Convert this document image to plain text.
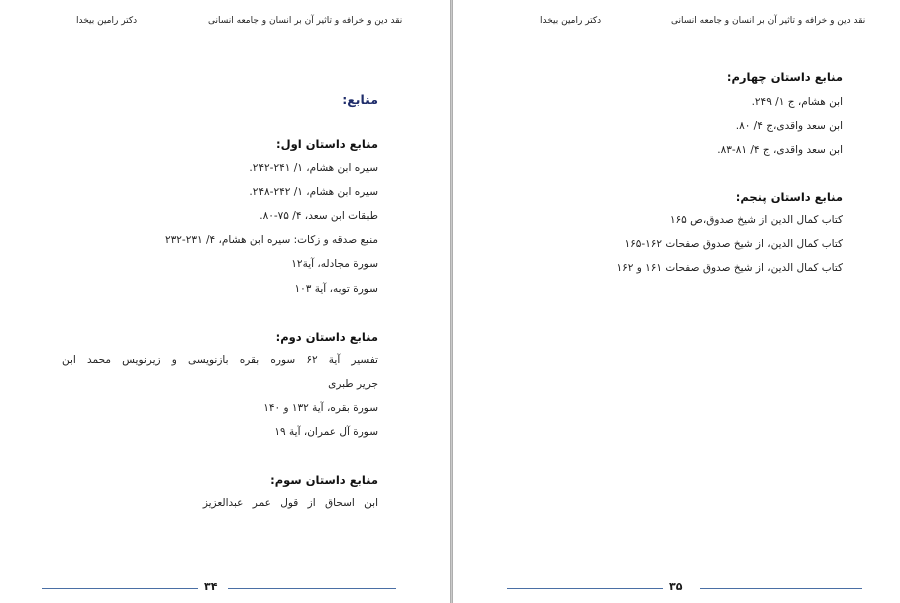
نقد دین و خرافه و تاثیر آن بر انسان و جامعه انسانی
دکتر رامین بیخدا
منابع:
منابع داستان اول:
سیره ابن هشام، ۱/ ۲۴۱-۲۴۲.
سیره ابن هشام، ۱/ ۲۴۲-۲۴۸.
طبقات ابن سعد، ۴/ ۷۵-۸۰.
منبع صدقه و زکات: سیره ابن هشام، ۴/ ۲۳۱-۲۳۲
سورة مجادله، آیة۱۲
سورة توبه، آیة ۱۰۳
منابع داستان دوم:
تفسیر آیة ۶۲ سوره بقره بازنویسی و زیرنویس محمد ابن
جریر طبری
سورة بقره، آیة ۱۳۲ و ۱۴۰
سورة آل عمران، آیة ۱۹
منابع داستان سوم:
ابن اسحاق از قول عمر عبدالعزیز
۳۴
نقد دین و خرافه و تاثیر آن بر انسان و جامعه انسانی
دکتر رامین بیخدا
منابع داستان چهارم:
ابن هشام، ج ۱/ ۲۴۹.
ابن سعد واقدی،ج ۴/ ۸۰.
ابن سعد واقدی، ج ۴/ ۸۱-۸۳.
منابع داستان پنجم:
کتاب کمال الدین از شیخ صدوق،ص ۱۶۵
کتاب کمال الدین، از شیخ صدوق صفحات ۱۶۲-۱۶۵
کتاب کمال الدین، از شیخ صدوق صفحات ۱۶۱ و ۱۶۲
۳۵
